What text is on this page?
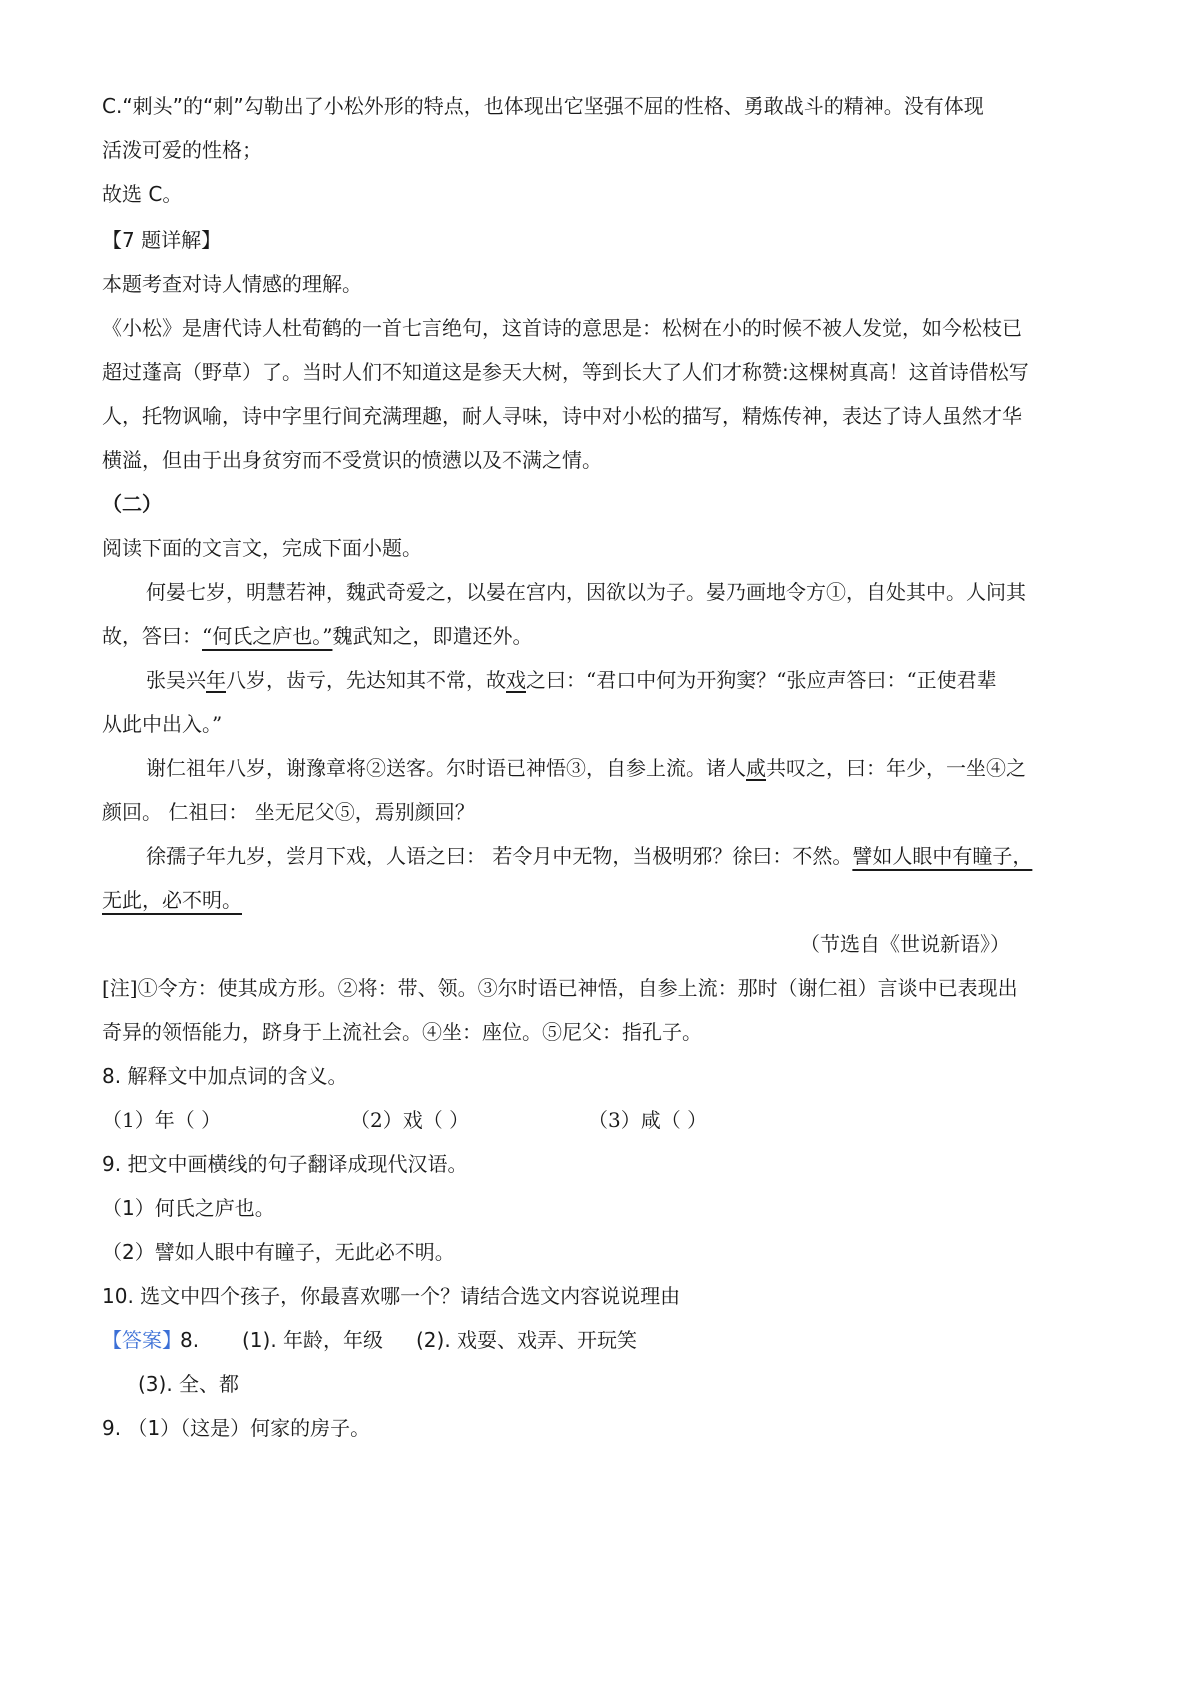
C.“刺头”的“刺”勾勒出了小松外形的特点，也体现出它坚强不屈的性格、勇敢战斗的精神。没有体现
活泼可爱的性格；
故选 C。
【7 题详解】
本题考查对诗人情感的理解。
《小松》是唐代诗人杜荀鹤的一首七言绝句，这首诗的意思是：松树在小的时候不被人发觉，如今松枝已
超过蓬高（野草）了。当时人们不知道这是参天大树，等到长大了人们才称赞:这棵树真高！这首诗借松写
人，托物讽喻，诗中字里行间充满理趣，耐人寻味，诗中对小松的描写，精炼传神，表达了诗人虽然才华
横溢，但由于出身贫穷而不受赏识的愤懑以及不满之情。
（二）
阅读下面的文言文，完成下面小题。
何晏七岁，明慧若神，魏武奇爱之，以晏在宫内，因欲以为子。晏乃画地令方①，自处其中。人问其
故，答曰：“何氏之庐也。”魏武知之，即遣还外。
张吴兴年八岁，齿亏，先达知其不常，故戏之曰：“君口中何为开狗窦？“张应声答曰：“正使君辈
从此中出入。”
谢仁祖年八岁，谢豫章将②送客。尔时语已神悟③，自参上流。诸人咸共叹之，曰：年少，一坐④之
颜回。 仁祖曰： 坐无尼父⑤，焉别颜回？
徐孺子年九岁，尝月下戏，人语之曰： 若令月中无物，当极明邪？徐曰：不然。譬如人眼中有瞳子，
无此，必不明。
（节选自《世说新语》）
[注]①令方：使其成方形。②将：带、领。③尔时语已神悟，自参上流：那时（谢仁祖）言谈中已表现出
奇异的领悟能力，跻身于上流社会。④坐：座位。⑤尼父：指孔子。
8. 解释文中加点词的含义。
（1）年（ ）	（2）戏（ ）	（3）咸（ ）
9. 把文中画横线的句子翻译成现代汉语。
（1）何氏之庐也。
（2）譬如人眼中有瞳子，无此必不明。
10. 选文中四个孩子，你最喜欢哪一个？请结合选文内容说说理由
【答案】
8. (1). 年龄，年级 (2). 戏耍、戏弄、开玩笑
(3). 全、都
9. （1）（这是）何家的房子。
